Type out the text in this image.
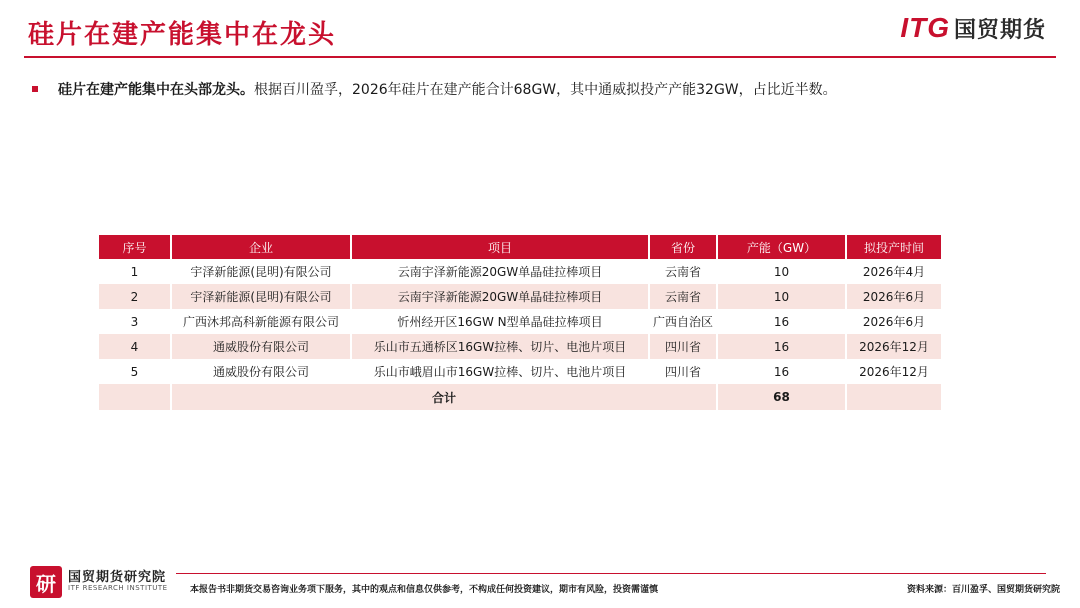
硅片在建产能集中在龙头	ITG 国贸期货
硅片在建产能集中在头部龙头。 根据百川盈孚，2026年硅片在建产能合计68GW，其中通威拟投产产能32GW，占比近半数。
序号	企业	项目	省份	产能（GW）	拟投产时间
1	宇泽新能源(昆明)有限公司	云南宇泽新能源20GW单晶硅拉棒项目	云南省	10	2026年4月
2	宇泽新能源(昆明)有限公司	云南宇泽新能源20GW单晶硅拉棒项目	云南省	10	2026年6月
3	广西沐邦高科新能源有限公司	忻州经开区16GW N型单晶硅拉棒项目	广西自治区	16	2026年6月
4	通威股份有限公司	乐山市五通桥区16GW拉棒、切片、电池片项目	四川省	16	2026年12月
5	通威股份有限公司	乐山市峨眉山市16GW拉棒、切片、电池片项目	四川省	16	2026年12月
	合计			68	
研 国贸期货研究院
ITF RESEARCH INSTITUTE 本报告书非期货交易咨询业务项下服务，其中的观点和信息仅供参考，不构成任何投资建议，期市有风险，投资需谨慎	资料来源：百川盈孚、国贸期货研究院
